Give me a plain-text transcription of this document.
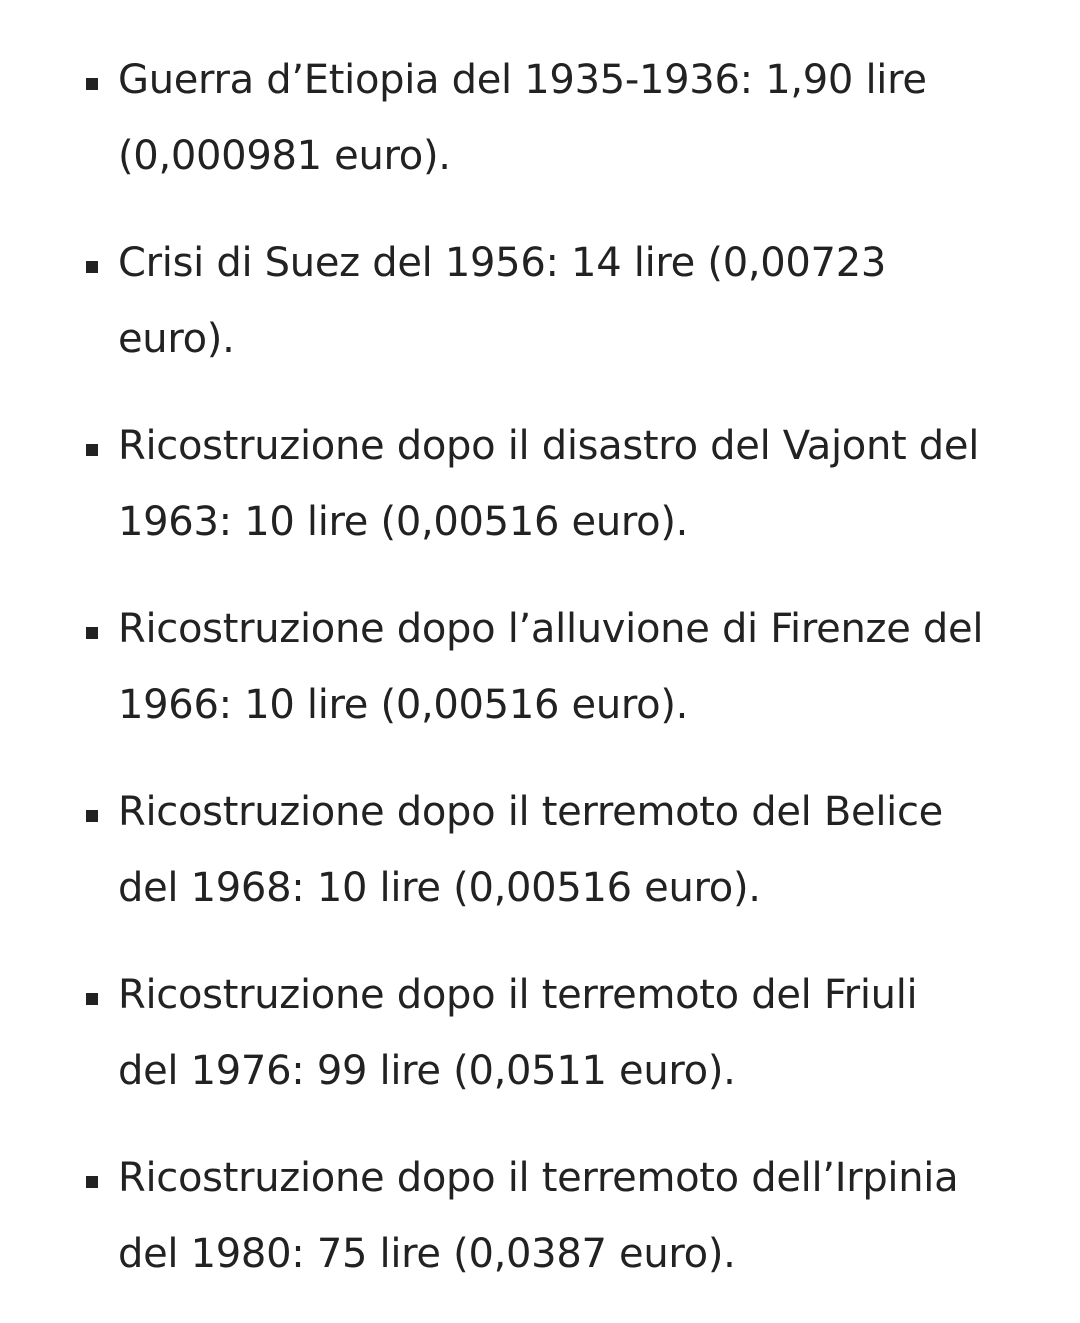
Guerra d’Etiopia del 1935-1936: 1,90 lire
(0,000981 euro).
Crisi di Suez del 1956: 14 lire (0,00723
euro).
Ricostruzione dopo il disastro del Vajont del
1963: 10 lire (0,00516 euro).
Ricostruzione dopo l’alluvione di Firenze del
1966: 10 lire (0,00516 euro).
Ricostruzione dopo il terremoto del Belice
del 1968: 10 lire (0,00516 euro).
Ricostruzione dopo il terremoto del Friuli
del 1976: 99 lire (0,0511 euro).
Ricostruzione dopo il terremoto dell’Irpinia
del 1980: 75 lire (0,0387 euro).
